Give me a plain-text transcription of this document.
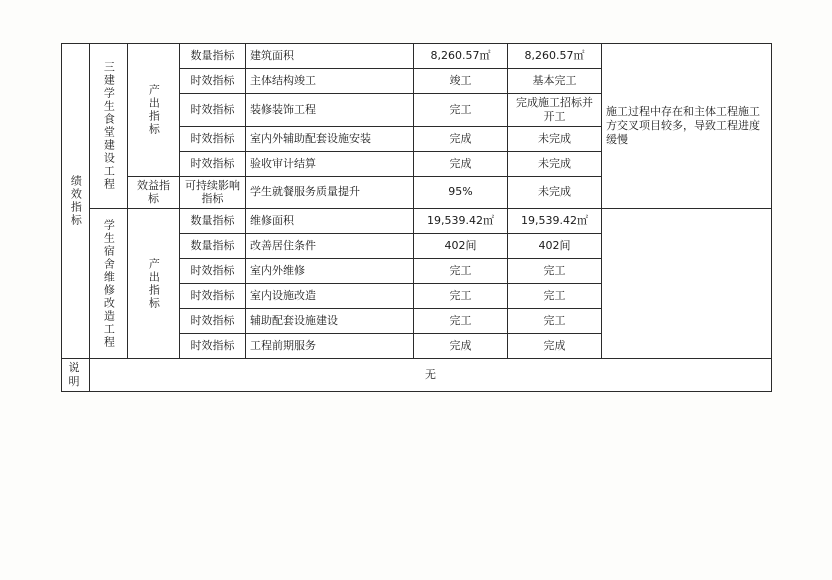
绩效指标	三建学生食堂建设工程	产出指标	数量指标	建筑面积	8,260.57㎡	8,260.57㎡	施工过程中存在和主体工程施工方交叉项目较多，导致工程进度缓慢
			时效指标	主体结构竣工	竣工	基本完工	
			时效指标	装修装饰工程	完工	完成施工招标并开工	
			时效指标	室内外辅助配套设施安装	完成	未完成	
			时效指标	验收审计结算	完成	未完成	
		效益指标	可持续影响指标	学生就餐服务质量提升	95%	未完成	

	学生宿舍维修改造工程	产出指标	数量指标	维修面积	19,539.42㎡	19,539.42㎡	
			数量指标	改善居住条件	402间	402间	
			时效指标	室内外维修	完工	完工	
			时效指标	室内设施改造	完工	完工	
			时效指标	辅助配套设施建设	完工	完工	
			时效指标	工程前期服务	完成	完成	
说明	无						
